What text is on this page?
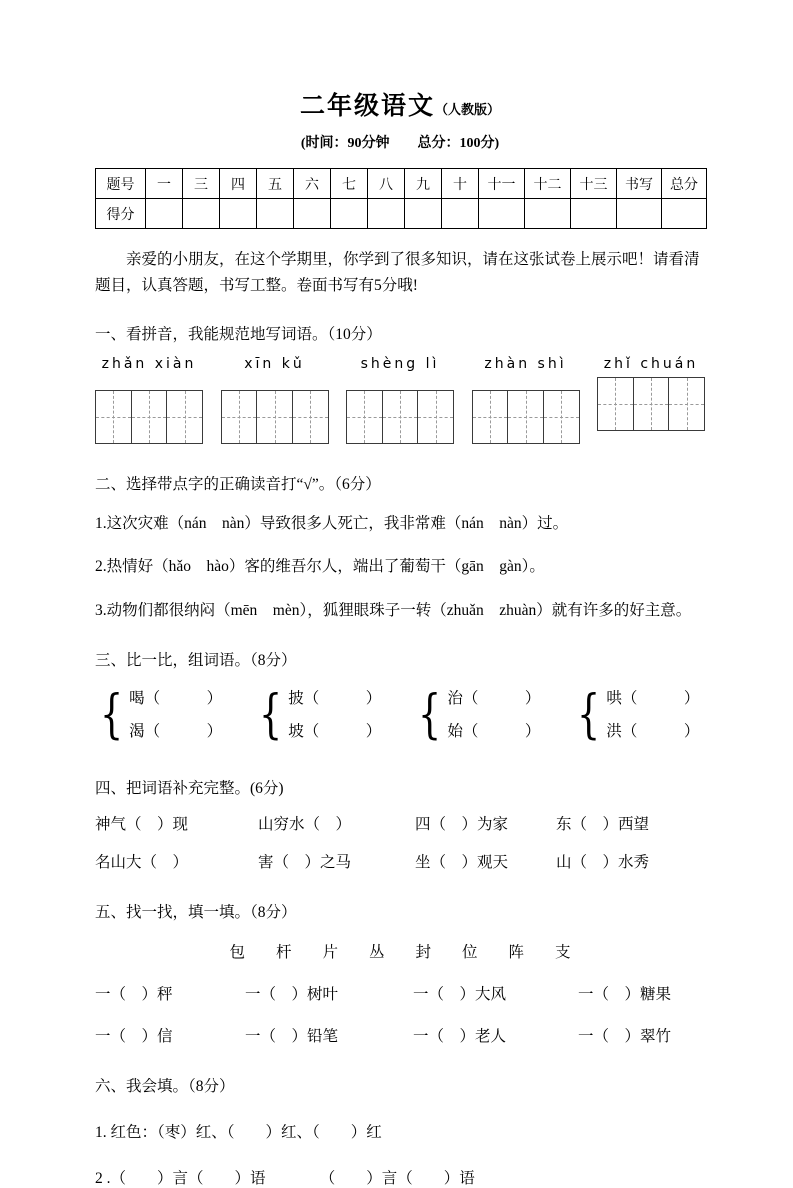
二年级语文（人教版）
(时间：90分钟　　总分：100分)
题号	一	三	四	五	六	七	八	九	十	十一	十二	十三	书写	总分
得分														

亲爱的小朋友，在这个学期里，你学到了很多知识，请在这张试卷上展示吧！请看清题目，认真答题，书写工整。卷面书写有5分哦!

一、看拼音，我能规范地写词语。（10分）
zhǎn xiàn	xīn kǔ	shèng lì	zhàn shì	zhǐ chuán
二、选择带点字的正确读音打“√”。（6分）

1.这次灾难（nán　nàn）导致很多人死亡，我非常难（nán　nàn）过。

2.热情好（hǎo　hào）客的维吾尔人，端出了葡萄干（gān　gàn）。

3.动物们都很纳闷（mēn　mèn），狐狸眼珠子一转（zhuǎn　zhuàn）就有许多的好主意。

三、比一比，组词语。（8分）
{ 喝（　　　）
渴（　　　） { 披（　　　）
坡（　　　） { 治（　　　）
始（　　　） { 哄（　　　）
洪（　　　）
四、把词语补充完整。(6分)
神气（　）现	山穷水（　）	四（　）为家	东（　）西望
名山大（　）	害（　）之马	坐（　）观天	山（　）水秀
五、找一找，填一填。（8分）
包　　杆　　片　　丛　　封　　位　　阵　　支
一（　）秤	一（　）树叶	一（　）大风	一（　）糖果
一（　）信	一（　）铅笔	一（　）老人	一（　）翠竹
六、我会填。（8分）

1. 红色：（枣）红、（　　）红、（　　）红

2 .（　　）言（　　）语　　　　（　　）言（　　）语
